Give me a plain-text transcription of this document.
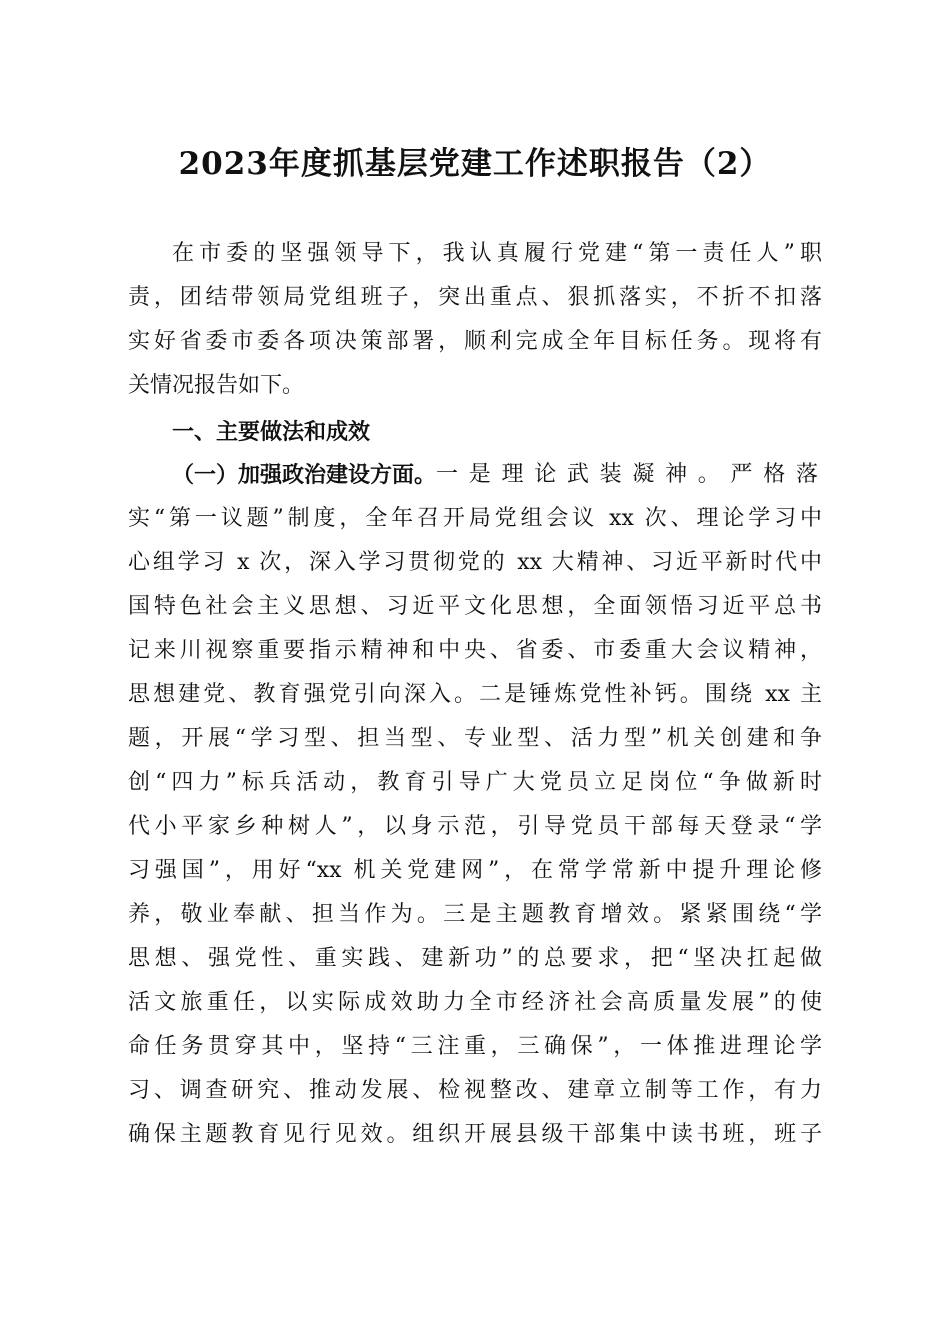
2023年度抓基层党建工作述职报告（2）
在市委的坚强领导下，我认真履行党建“第一责任人”职
责，团结带领局党组班子，突出重点、狠抓落实，不折不扣落
实好省委市委各项决策部署，顺利完成全年目标任务。现将有
关情况报告如下。
一、主要做法和成效
（一）加强政治建设方面。 一是理论武装凝神。严格落
实“第一议题”制度，全年召开局党组会议 xx 次、理论学习中
心组学习 x 次，深入学习贯彻党的 xx 大精神、习近平新时代中
国特色社会主义思想、习近平文化思想，全面领悟习近平总书
记来川视察重要指示精神和中央、省委、市委重大会议精神，
思想建党、教育强党引向深入。二是锤炼党性补钙。围绕 xx 主
题，开展“学习型、担当型、专业型、活力型”机关创建和争
创“四力”标兵活动，教育引导广大党员立足岗位“争做新时
代小平家乡种树人”，以身示范，引导党员干部每天登录“学
习强国”，用好“xx 机关党建网”，在常学常新中提升理论修
养，敬业奉献、担当作为。三是主题教育增效。紧紧围绕“学
思想、强党性、重实践、建新功”的总要求，把“坚决扛起做
活文旅重任，以实际成效助力全市经济社会高质量发展”的使
命任务贯穿其中，坚持“三注重，三确保”，一体推进理论学
习、调查研究、推动发展、检视整改、建章立制等工作，有力
确保主题教育见行见效。组织开展县级干部集中读书班，班子
